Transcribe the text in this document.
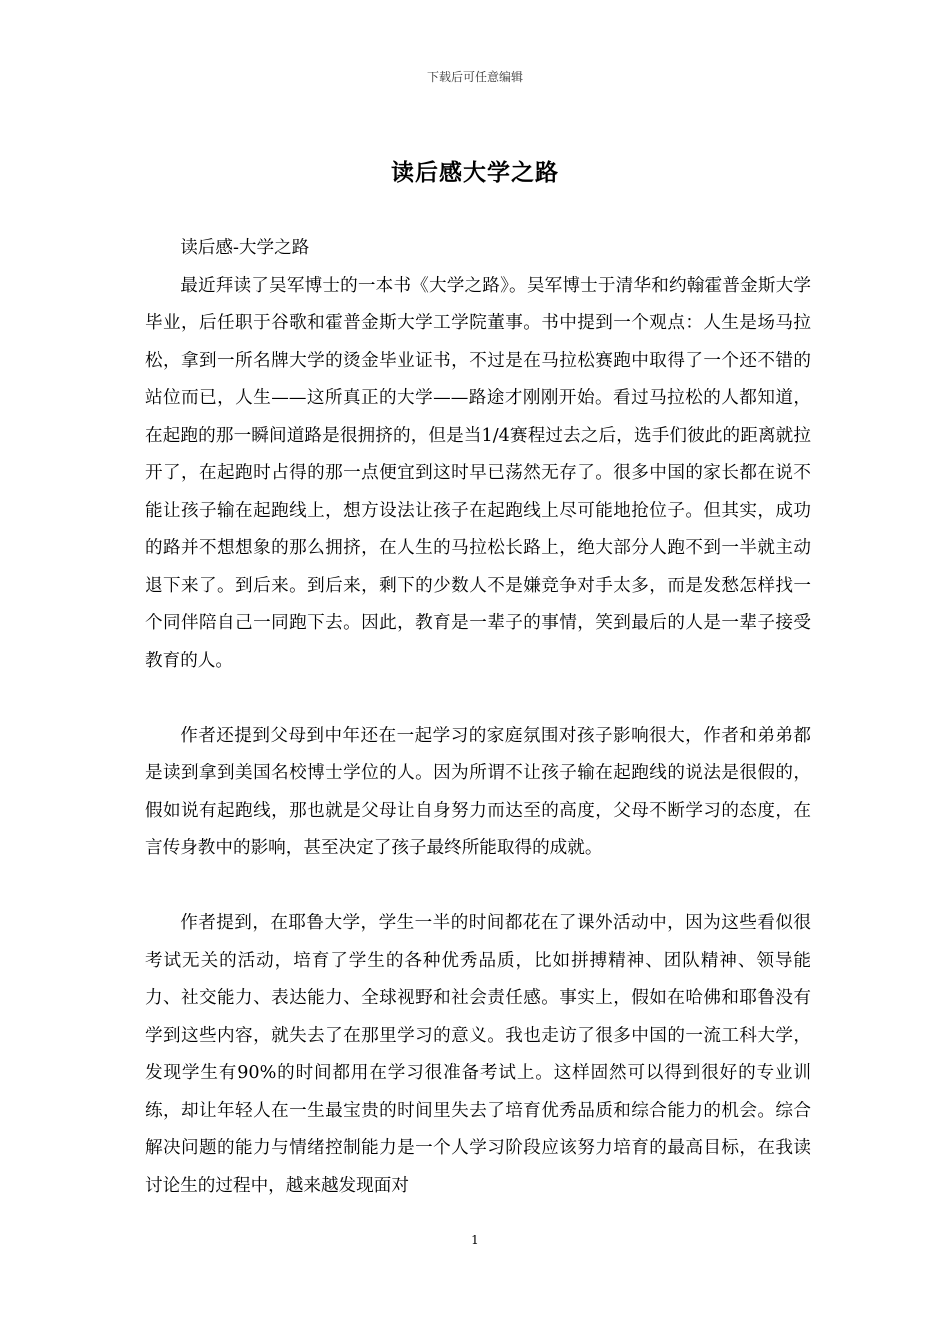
下载后可任意编辑
读后感大学之路

读后感-大学之路

最近拜读了吴军博士的一本书《大学之路》。吴军博士于清华和约翰霍普金斯大学毕业，后任职于谷歌和霍普金斯大学工学院董事。书中提到一个观点：人生是场马拉松，拿到一所名牌大学的烫金毕业证书，不过是在马拉松赛跑中取得了一个还不错的站位而已，人生——这所真正的大学——路途才刚刚开始。看过马拉松的人都知道，在起跑的那一瞬间道路是很拥挤的，但是当1/4赛程过去之后，选手们彼此的距离就拉开了，在起跑时占得的那一点便宜到这时早已荡然无存了。很多中国的家长都在说不能让孩子输在起跑线上，想方设法让孩子在起跑线上尽可能地抢位子。但其实，成功的路并不想想象的那么拥挤，在人生的马拉松长路上，绝大部分人跑不到一半就主动退下来了。到后来。到后来，剩下的少数人不是嫌竞争对手太多，而是发愁怎样找一个同伴陪自己一同跑下去。因此，教育是一辈子的事情，笑到最后的人是一辈子接受教育的人。

作者还提到父母到中年还在一起学习的家庭氛围对孩子影响很大，作者和弟弟都是读到拿到美国名校博士学位的人。因为所谓不让孩子输在起跑线的说法是很假的，假如说有起跑线，那也就是父母让自身努力而达至的高度，父母不断学习的态度，在言传身教中的影响，甚至决定了孩子最终所能取得的成就。

作者提到，在耶鲁大学，学生一半的时间都花在了课外活动中，因为这些看似很考试无关的活动，培育了学生的各种优秀品质，比如拼搏精神、团队精神、领导能力、社交能力、表达能力、全球视野和社会责任感。事实上，假如在哈佛和耶鲁没有学到这些内容，就失去了在那里学习的意义。我也走访了很多中国的一流工科大学，发现学生有90%的时间都用在学习很准备考试上。这样固然可以得到很好的专业训练，却让年轻人在一生最宝贵的时间里失去了培育优秀品质和综合能力的机会。综合解决问题的能力与情绪控制能力是一个人学习阶段应该努力培育的最高目标，在我读讨论生的过程中，越来越发现面对

1
